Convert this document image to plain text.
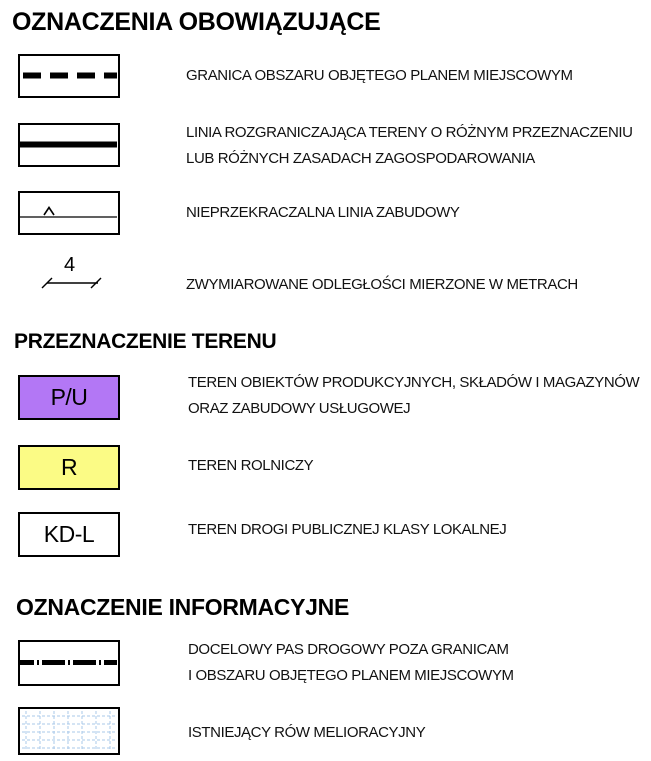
OZNACZENIA OBOWIĄZUJĄCE
PRZEZNACZENIE TERENU
OZNACZENIE INFORMACYJNE
GRANICA OBSZARU OBJĘTEGO PLANEM MIEJSCOWYM
LINIA ROZGRANICZAJĄCA TERENY O RÓŻNYM PRZEZNACZENIU
LUB RÓŻNYCH ZASADACH ZAGOSPODAROWANIA
NIEPRZEKRACZALNA LINIA ZABUDOWY
4
ZWYMIAROWANE ODLEGŁOŚCI MIERZONE W METRACH
P/U
TEREN OBIEKTÓW PRODUKCYJNYCH, SKŁADÓW I MAGAZYNÓW
ORAZ ZABUDOWY USŁUGOWEJ
R	TEREN ROLNICZY
KD-L	TEREN DROGI PUBLICZNEJ KLASY LOKALNEJ
DOCELOWY PAS DROGOWY POZA GRANICAM
I OBSZARU OBJĘTEGO PLANEM MIEJSCOWYM
ISTNIEJĄCY RÓW MELIORACYJNY
